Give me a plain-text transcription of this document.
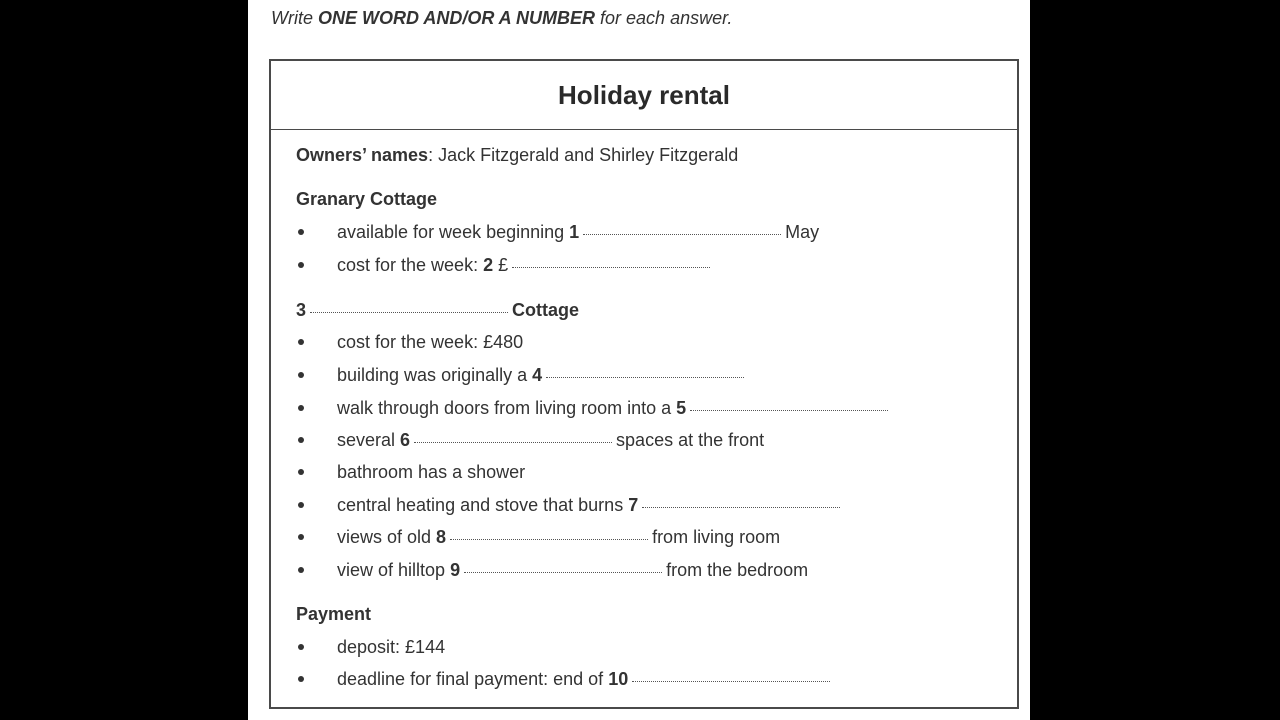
Write ONE WORD AND/OR A NUMBER for each answer.
Holiday rental
Owners’ names : Jack Fitzgerald and Shirley Fitzgerald
Granary Cottage
available for week beginning 1	May
cost for the week: 2 £
3	Cottage
cost for the week: £480
building was originally a 4
walk through doors from living room into a 5
several 6	spaces at the front
bathroom has a shower
central heating and stove that burns 7
views of old 8	from living room
view of hilltop 9	from the bedroom
Payment
deposit: £144
deadline for final payment: end of 10
